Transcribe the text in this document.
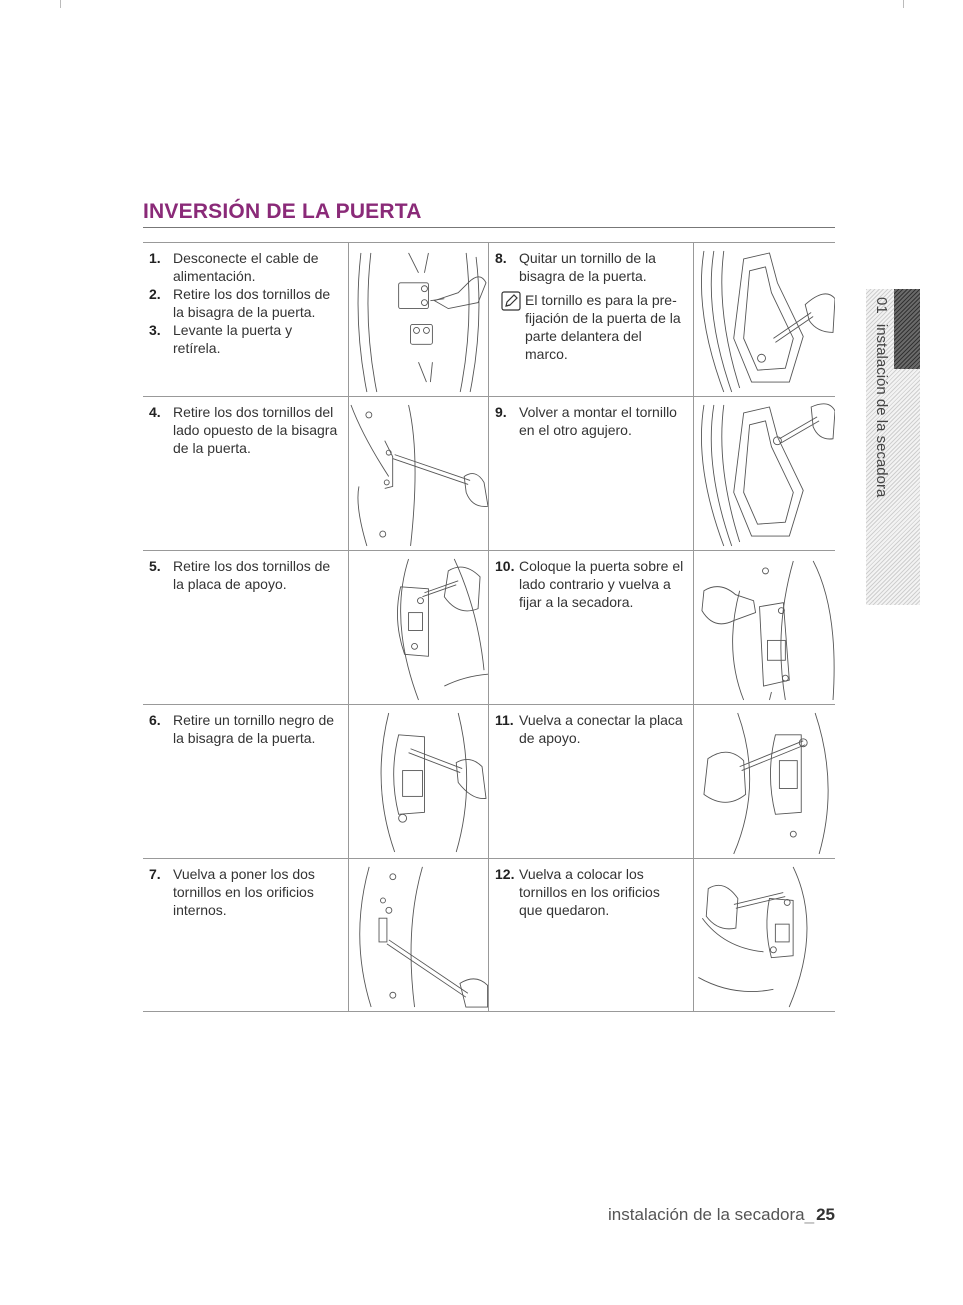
INVERSIÓN DE LA PUERTA
1. Desconecte el cable de alimentación.
2. Retire los dos tornillos de la bisagra de la puerta.
3. Levante la puerta y retírela.
4. Retire los dos tornillos del lado opuesto de la bisagra de la puerta.
5. Retire los dos tornillos de la placa de apoyo.
6. Retire un tornillo negro de la bisagra de la puerta.
7. Vuelva a poner los dos tornillos en los orificios internos.
8. Quitar un tornillo de la bisagra de la puerta.
El tornillo es para la pre-fijación de la puerta de la parte delantera del marco.
9. Volver a montar el tornillo en el otro agujero.
10. Coloque la puerta sobre el lado contrario y vuelva a fijar a la secadora.
11. Vuelva a conectar la placa de apoyo.
12. Vuelva a colocar los tornillos en los orificios que quedaron.
01 instalación de la secadora
instalación de la secadora_ 25
